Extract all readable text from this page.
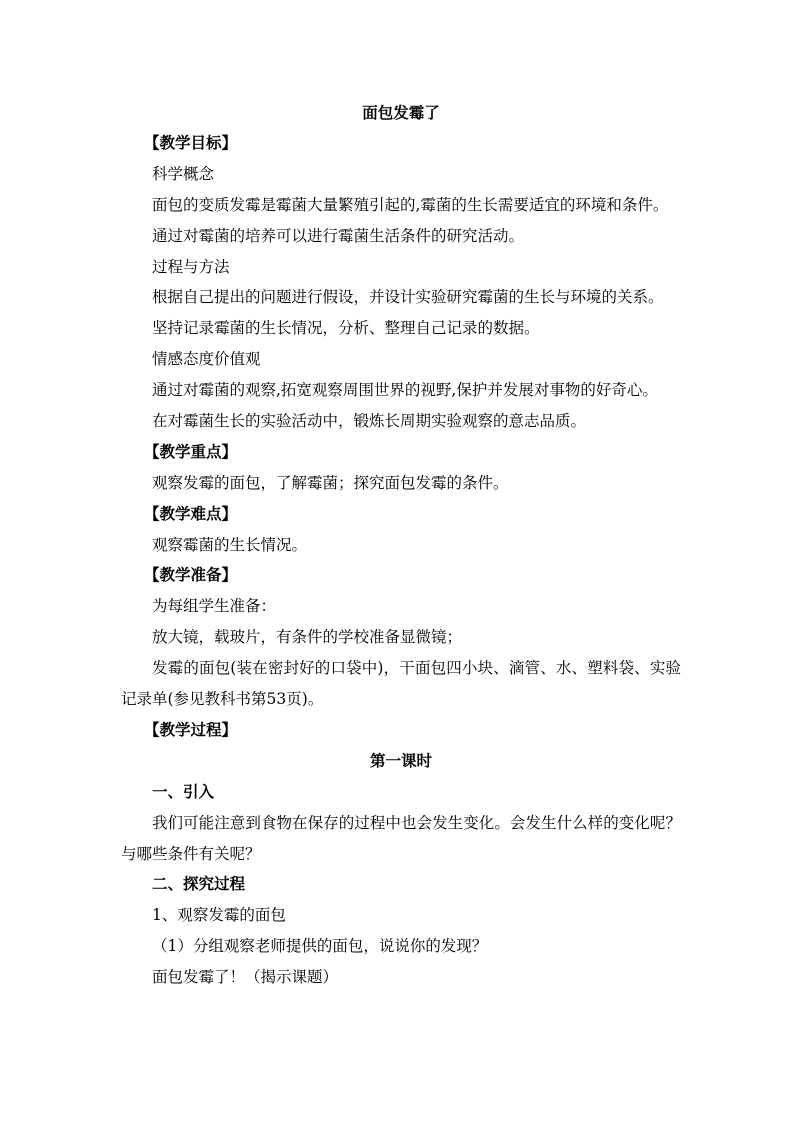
面包发霉了
【教学目标】
科学概念
面包的变质发霉是霉菌大量繁殖引起的,霉菌的生长需要适宜的环境和条件。
通过对霉菌的培养可以进行霉菌生活条件的研究活动。
过程与方法
根据自己提出的问题进行假设，并设计实验研究霉菌的生长与环境的关系。
坚持记录霉菌的生长情况，分析、整理自己记录的数据。
情感态度价值观
通过对霉菌的观察,拓宽观察周围世界的视野,保护并发展对事物的好奇心。
在对霉菌生长的实验活动中，锻炼长周期实验观察的意志品质。
【教学重点】
观察发霉的面包，了解霉菌；探究面包发霉的条件。
【教学难点】
观察霉菌的生长情况。
【教学准备】
为每组学生准备：
放大镜，载玻片，有条件的学校准备显微镜；
发霉的面包(装在密封好的口袋中)，干面包四小块、滴管、水、塑料袋、实验记录单(参见教科书第53页)。
【教学过程】
第一课时
一、引入
我们可能注意到食物在保存的过程中也会发生变化。会发生什么样的变化呢？与哪些条件有关呢？
二、探究过程
1、观察发霉的面包
（1）分组观察老师提供的面包，说说你的发现？
面包发霉了！（揭示课题）
